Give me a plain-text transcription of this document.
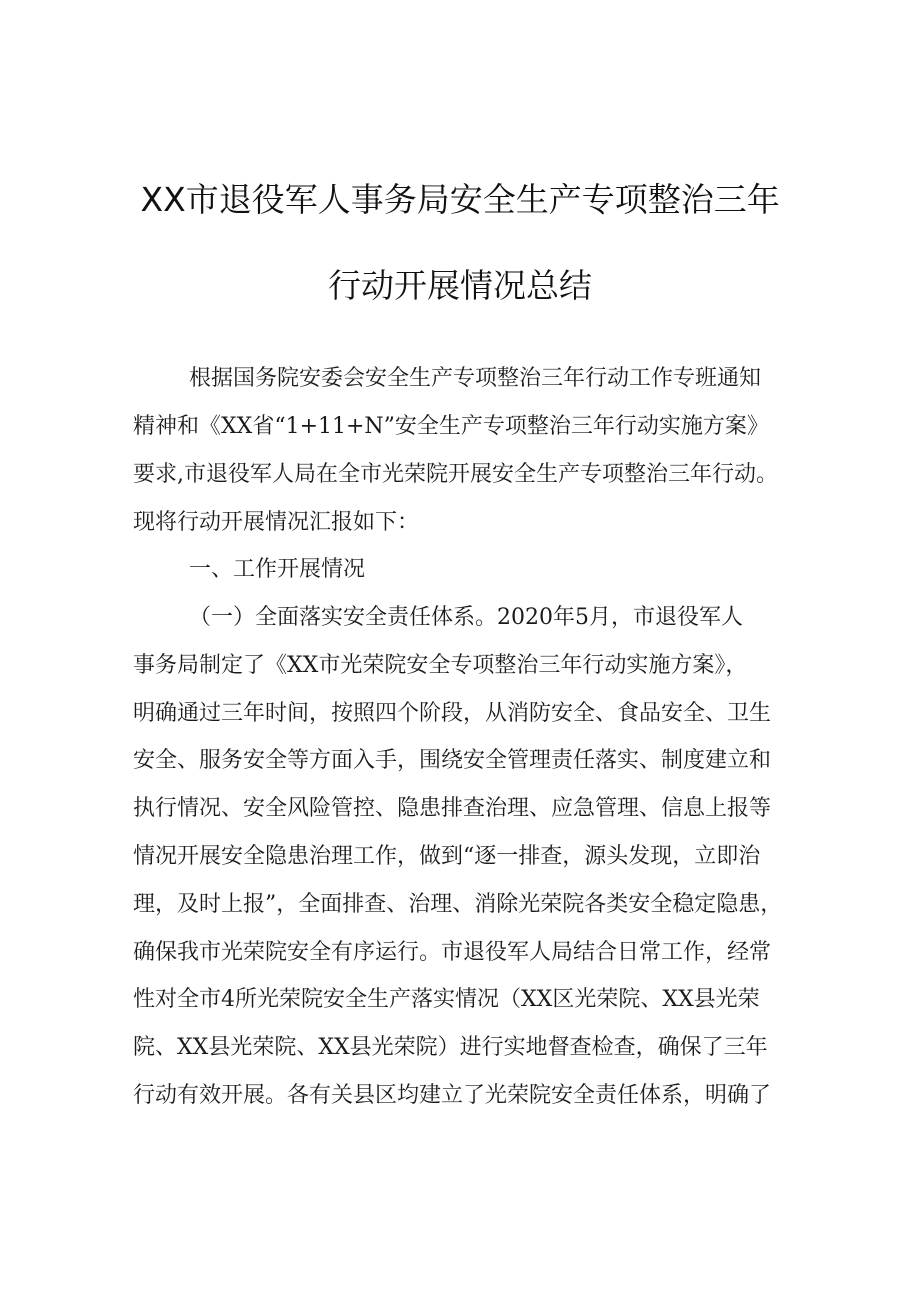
XX市退役军人事务局安全生产专项整治三年
行动开展情况总结
根据国务院安委会安全生产专项整治三年行动工作专班通知
精神和《XX省“1+11+N”安全生产专项整治三年行动实施方案》
要求,市退役军人局在全市光荣院开展安全生产专项整治三年行动。
现将行动开展情况汇报如下：
一、工作开展情况
（一）全面落实安全责任体系。2020年5月，市退役军人
事务局制定了《XX市光荣院安全专项整治三年行动实施方案》，
明确通过三年时间，按照四个阶段，从消防安全、食品安全、卫生
安全、服务安全等方面入手，围绕安全管理责任落实、制度建立和
执行情况、安全风险管控、隐患排查治理、应急管理、信息上报等
情况开展安全隐患治理工作，做到“逐一排查，源头发现，立即治
理，及时上报”，全面排查、治理、消除光荣院各类安全稳定隐患，
确保我市光荣院安全有序运行。市退役军人局结合日常工作，经常
性对全市4所光荣院安全生产落实情况（XX区光荣院、XX县光荣
院、XX县光荣院、XX县光荣院）进行实地督查检查，确保了三年
行动有效开展。各有关县区均建立了光荣院安全责任体系，明确了
